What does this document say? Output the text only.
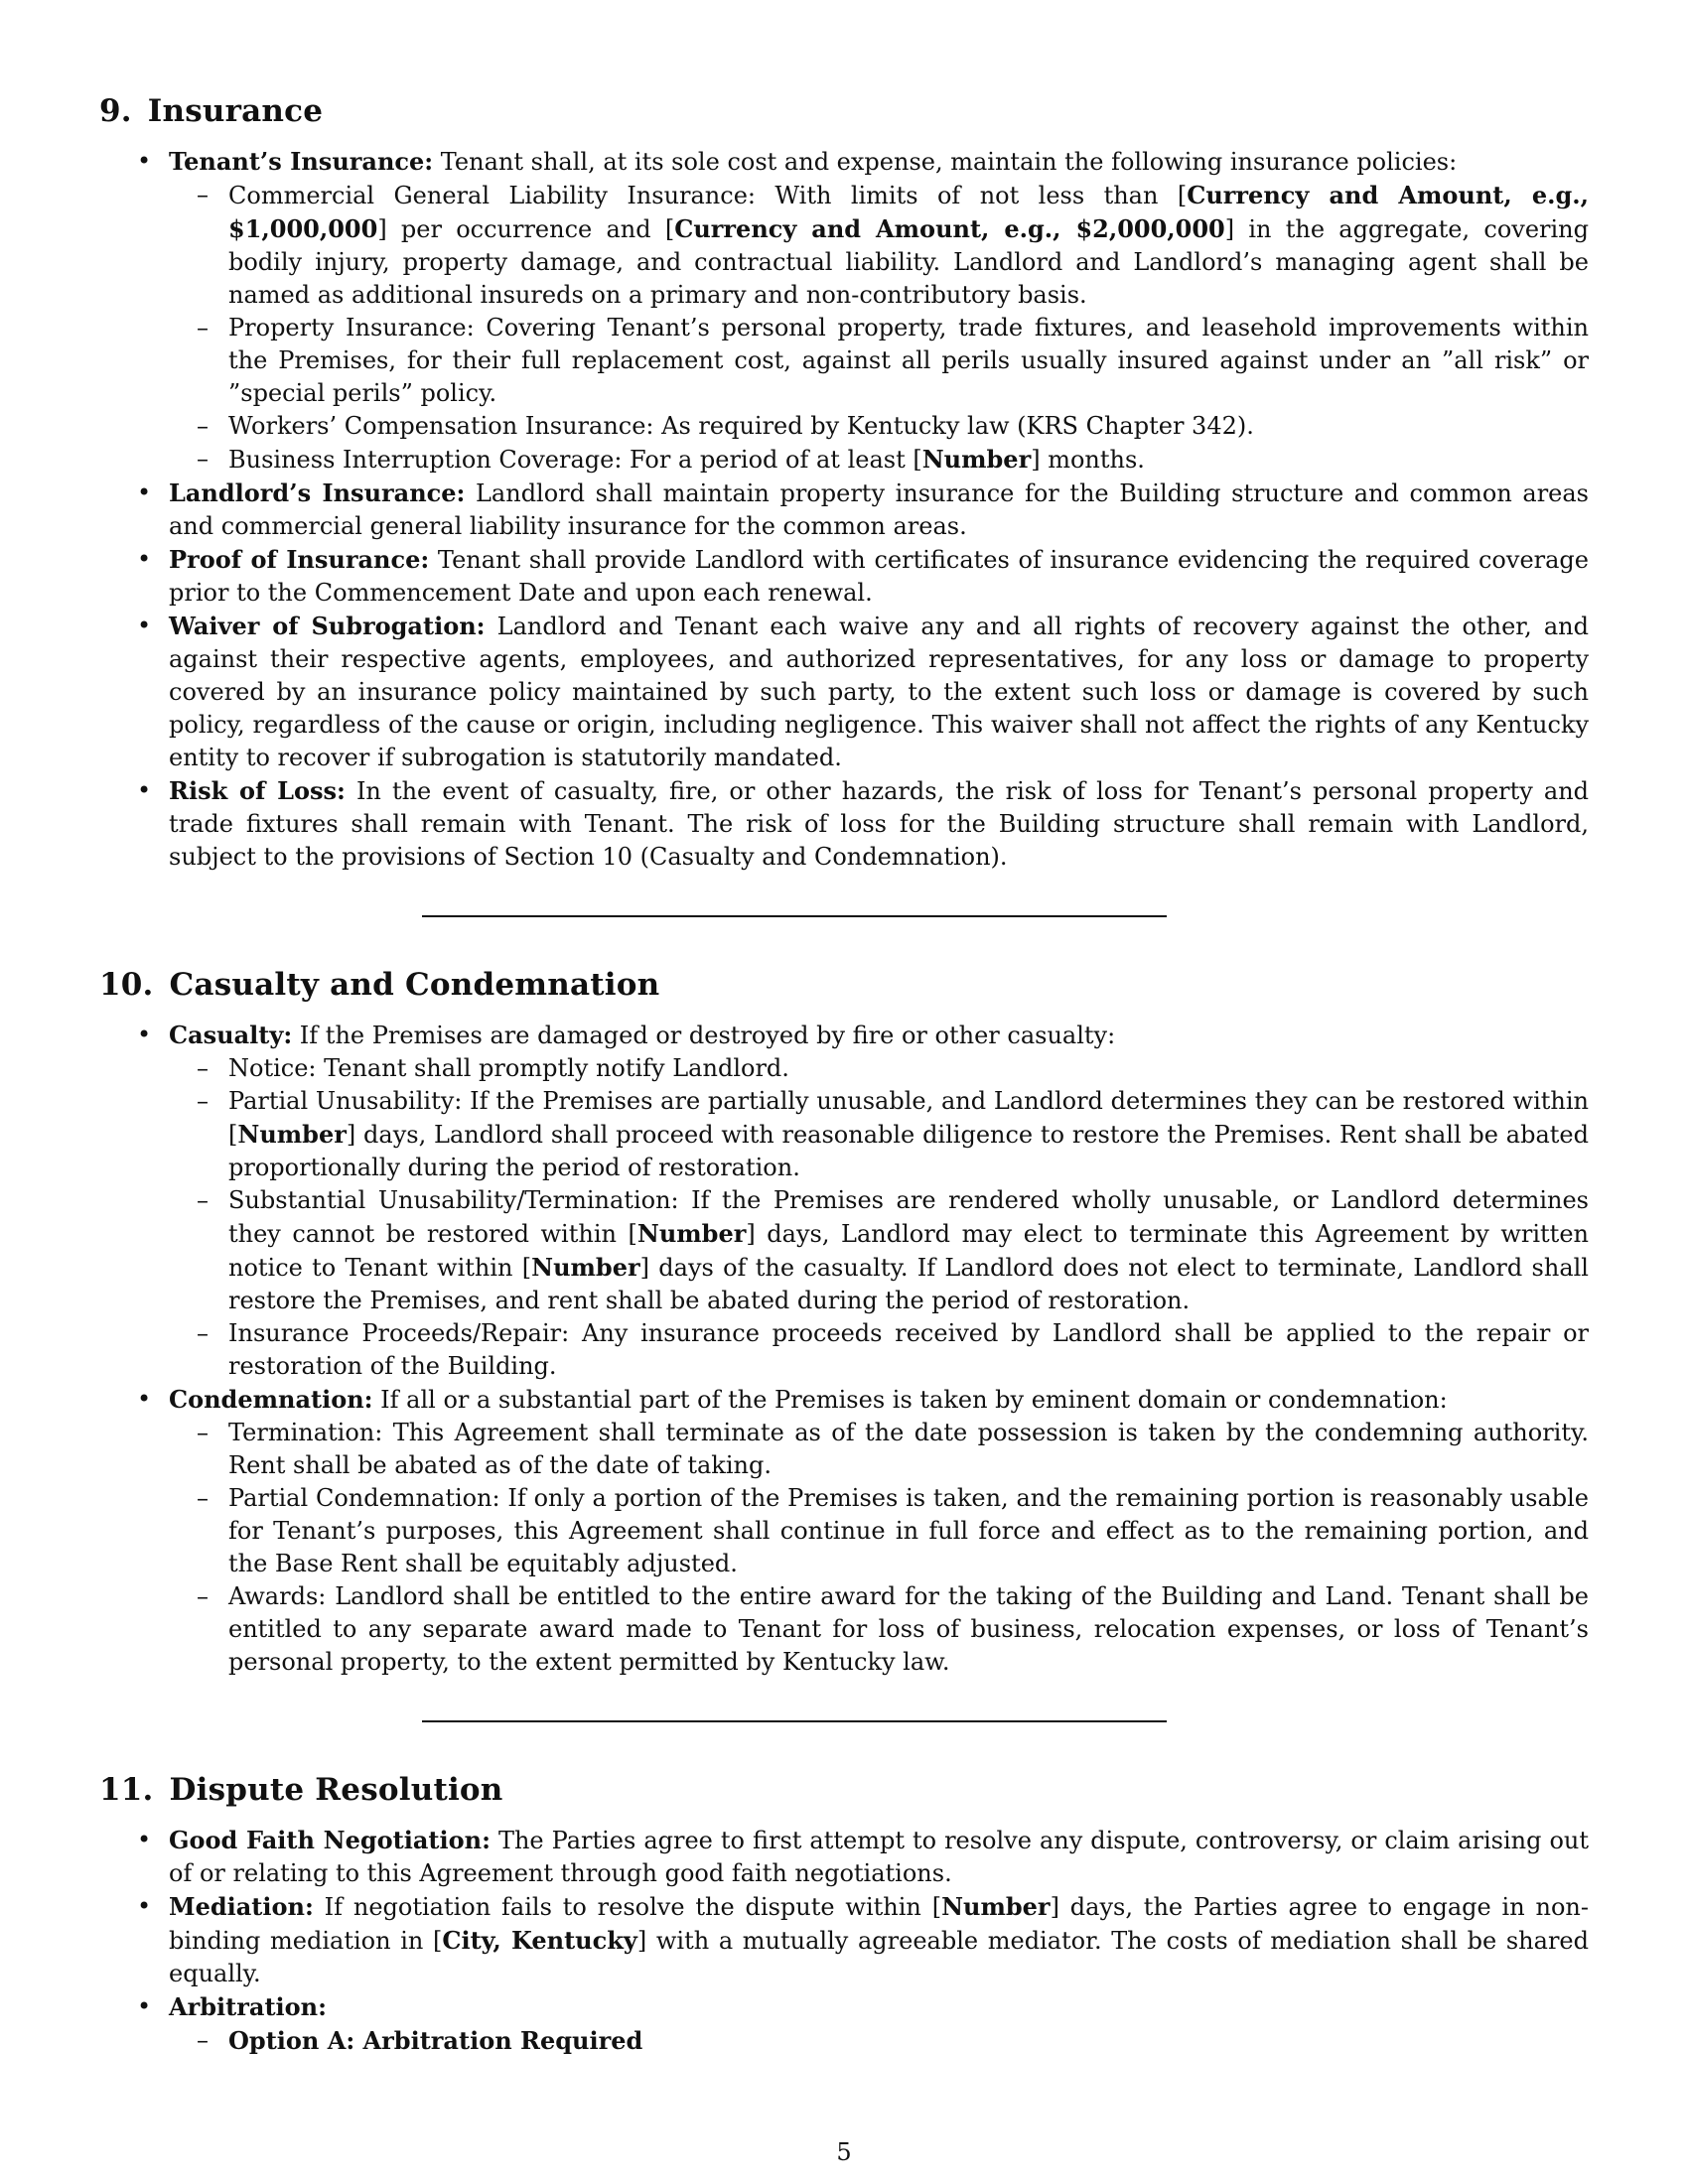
9. Insurance
• Tenant’s Insurance: Tenant shall, at its sole cost and expense, maintain the following insurance policies:
– Commercial General Liability Insurance: With limits of not less than [Currency and Amount, e.g., $1,000,000] per occurrence and [Currency and Amount, e.g., $2,000,000] in the aggregate, covering bodily injury, property damage, and contractual liability. Landlord and Landlord’s managing agent shall be named as additional insureds on a primary and non-contributory basis.
– Property Insurance: Covering Tenant’s personal property, trade fixtures, and leasehold improvements within the Premises, for their full replacement cost, against all perils usually insured against under an ”all risk” or ”special perils” policy.
– Workers’ Compensation Insurance: As required by Kentucky law (KRS Chapter 342).
– Business Interruption Coverage: For a period of at least [Number] months.
• Landlord’s Insurance: Landlord shall maintain property insurance for the Building structure and common areas and commercial general liability insurance for the common areas.
• Proof of Insurance: Tenant shall provide Landlord with certificates of insurance evidencing the required coverage prior to the Commencement Date and upon each renewal.
• Waiver of Subrogation: Landlord and Tenant each waive any and all rights of recovery against the other, and against their respective agents, employees, and authorized representatives, for any loss or damage to property covered by an insurance policy maintained by such party, to the extent such loss or damage is covered by such policy, regardless of the cause or origin, including negligence. This waiver shall not affect the rights of any Kentucky entity to recover if subrogation is statutorily mandated.
• Risk of Loss: In the event of casualty, fire, or other hazards, the risk of loss for Tenant’s personal property and trade fixtures shall remain with Tenant. The risk of loss for the Building structure shall remain with Landlord, subject to the provisions of Section 10 (Casualty and Condemnation).
10. Casualty and Condemnation
• Casualty: If the Premises are damaged or destroyed by fire or other casualty:
– Notice: Tenant shall promptly notify Landlord.
– Partial Unusability: If the Premises are partially unusable, and Landlord determines they can be restored within [Number] days, Landlord shall proceed with reasonable diligence to restore the Premises. Rent shall be abated proportionally during the period of restoration.
– Substantial Unusability/Termination: If the Premises are rendered wholly unusable, or Landlord determines they cannot be restored within [Number] days, Landlord may elect to terminate this Agreement by written notice to Tenant within [Number] days of the casualty. If Landlord does not elect to terminate, Landlord shall restore the Premises, and rent shall be abated during the period of restoration.
– Insurance Proceeds/Repair: Any insurance proceeds received by Landlord shall be applied to the repair or restoration of the Building.
• Condemnation: If all or a substantial part of the Premises is taken by eminent domain or condemnation:
– Termination: This Agreement shall terminate as of the date possession is taken by the condemning authority. Rent shall be abated as of the date of taking.
– Partial Condemnation: If only a portion of the Premises is taken, and the remaining portion is reasonably usable for Tenant’s purposes, this Agreement shall continue in full force and effect as to the remaining portion, and the Base Rent shall be equitably adjusted.
– Awards: Landlord shall be entitled to the entire award for the taking of the Building and Land. Tenant shall be entitled to any separate award made to Tenant for loss of business, relocation expenses, or loss of Tenant’s personal property, to the extent permitted by Kentucky law.
11. Dispute Resolution
• Good Faith Negotiation: The Parties agree to first attempt to resolve any dispute, controversy, or claim arising out of or relating to this Agreement through good faith negotiations.
• Mediation: If negotiation fails to resolve the dispute within [Number] days, the Parties agree to engage in non-binding mediation in [City, Kentucky] with a mutually agreeable mediator. The costs of mediation shall be shared equally.
• Arbitration:
– Option A: Arbitration Required
5
